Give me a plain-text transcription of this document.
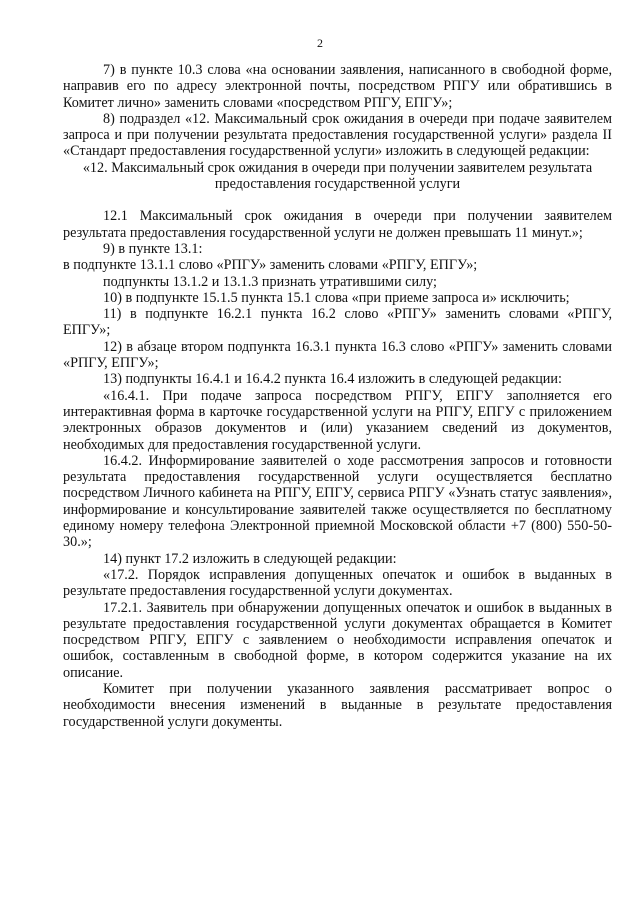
2

7) в пункте 10.3 слова «на основании заявления, написанного в свободной форме, направив его по адресу электронной почты, посредством РПГУ или обратившись в Комитет лично» заменить словами «посредством РПГУ, ЕПГУ»;

8) подраздел «12. Максимальный срок ожидания в очереди при подаче заявителем запроса и при получении результата предоставления государственной услуги» раздела II «Стандарт предоставления государственной услуги» изложить в следующей редакции:

«12. Максимальный срок ожидания в очереди при получении заявителем результата предоставления государственной услуги

12.1 Максимальный срок ожидания в очереди при получении заявителем результата предоставления государственной услуги не должен превышать 11 минут.»;

9) в пункте 13.1:

в подпункте 13.1.1 слово «РПГУ» заменить словами «РПГУ, ЕПГУ»;

подпункты 13.1.2 и 13.1.3 признать утратившими силу;

10) в подпункте 15.1.5 пункта 15.1 слова «при приеме запроса и» исключить;

11) в подпункте 16.2.1 пункта 16.2 слово «РПГУ» заменить словами «РПГУ, ЕПГУ»;

12) в абзаце втором подпункта 16.3.1 пункта 16.3 слово «РПГУ» заменить словами «РПГУ, ЕПГУ»;

13) подпункты 16.4.1 и 16.4.2 пункта 16.4 изложить в следующей редакции:

«16.4.1. При подаче запроса посредством РПГУ, ЕПГУ заполняется его интерактивная форма в карточке государственной услуги на РПГУ, ЕПГУ с приложением электронных образов документов и (или) указанием сведений из документов, необходимых для предоставления государственной услуги.

16.4.2. Информирование заявителей о ходе рассмотрения запросов и готовности результата предоставления государственной услуги осуществляется бесплатно посредством Личного кабинета на РПГУ, ЕПГУ, сервиса РПГУ «Узнать статус заявления», информирование и консультирование заявителей также осуществляется по бесплатному единому номеру телефона Электронной приемной Московской области +7 (800) 550-50-30.»;

14) пункт 17.2 изложить в следующей редакции:

«17.2. Порядок исправления допущенных опечаток и ошибок в выданных в результате предоставления государственной услуги документах.

17.2.1. Заявитель при обнаружении допущенных опечаток и ошибок в выданных в результате предоставления государственной услуги документах обращается в Комитет посредством РПГУ, ЕПГУ с заявлением о необходимости исправления опечаток и ошибок, составленным в свободной форме, в котором содержится указание на их описание.

Комитет при получении указанного заявления рассматривает вопрос о необходимости внесения изменений в выданные в результате предоставления государственной услуги документы.
